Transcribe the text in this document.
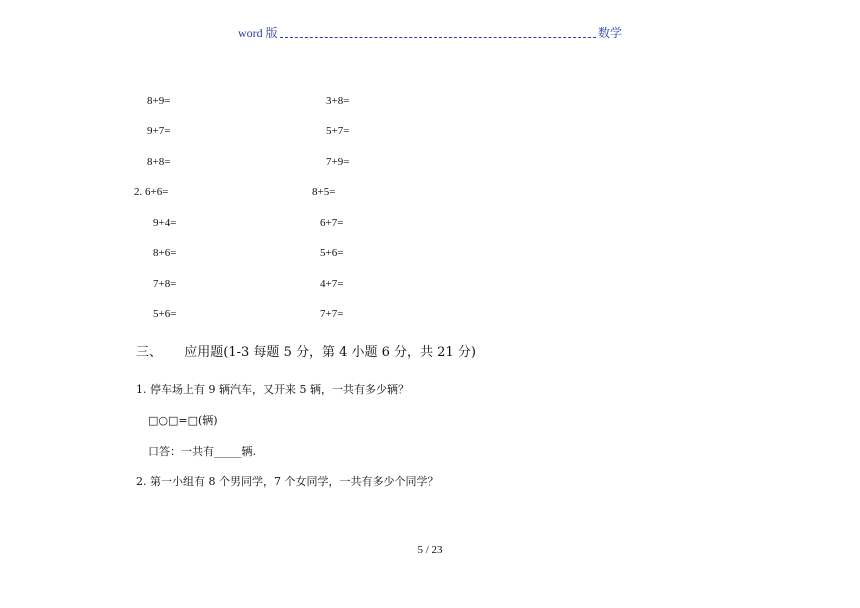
word 版	数学
8+9=	3+8=
9+7=	5+7=
8+8=	7+9=
2. 6+6=	8+5=
9+4=	6+7=
8+6=	5+6=
7+8=	4+7=
5+6=	7+7=
三、 应用题(1-3 每题 5 分，第 4 小题 6 分，共 21 分)
1. 停车场上有 9 辆汽车，又开来 5 辆，一共有多少辆？
□○□=□(辆)
口答：一共有_____辆.
2. 第一小组有 8 个男同学，7 个女同学，一共有多少个同学？
5 / 23
